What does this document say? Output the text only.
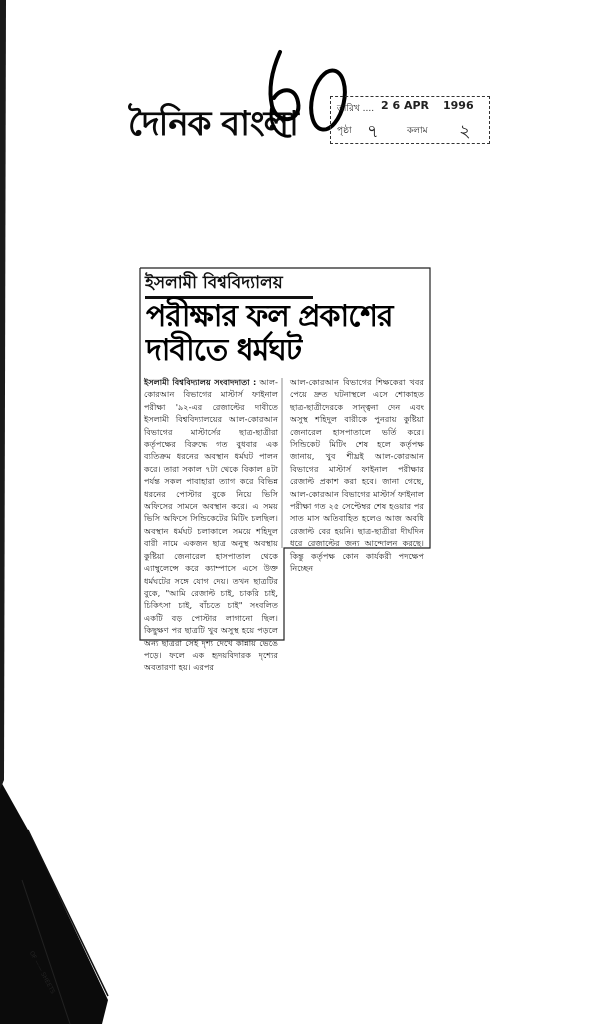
দৈনিক বাংলা	তারিখ .... 2 6 APR 1996
পৃষ্ঠা ৭	কলাম ২
ইসলামী বিশ্ববিদ্যালয়
পরীক্ষার ফল প্রকাশের
দাবীতে ধর্মঘট
ইসলামী বিশ্ববিদ্যালয় সংবাদদাতা : আল-কোরআন বিভাগের মাস্টার্স ফাইনাল পরীক্ষা '৯২-এর রেজাল্টের দাবীতে ইসলামী বিশ্ববিদ্যালয়ের আল-কোরআন বিভাগের মাস্টার্সের ছাত্র-ছাত্রীরা কর্তৃপক্ষের বিরুদ্ধে গত বুধবার এক ব্যতিক্রম ধরনের অবস্থান ধর্মঘট পালন করে। তারা সকাল ৭টা থেকে বিকাল ৪টা পর্যন্ত সকল পাবাহারা ত্যাগ করে বিভিন্ন ধরনের পোস্টার বুকে নিয়ে ভিসি অফিসের সামনে অবস্থান করে। এ সময় ভিসি অফিসে সিন্ডিকেটের মিটিং চলছিল। অবস্থান ধর্মঘট চলাকালে সময়ে শহিদুল বারী নামে একজন ছাত্র অনুস্থ অবস্থায় কুষ্টিয়া জেনারেল হাসপাতাল থেকে এ্যাম্বুলেন্সে করে ক্যাম্পাসে এসে উক্ত ধর্মঘটের সঙ্গে যোগ দেয়। তখন ছাত্রটির বুকে, "আমি রেজাল্ট চাই, চাকরি চাই, চিকিৎসা চাই, বাঁচতে চাই" সংবলিত একটি বড় পোস্টার লাগানো ছিল। কিছুক্ষণ পর ছাত্রটি খুব অসুস্থ হয়ে পড়লে অন্য ছাত্ররা সেই দৃশ্য দেখে কান্নায় ভেঙে পড়ে। ফলে এক হৃদয়বিদারক দৃশ্যের অবতারণা হয়। এরপর
আল-কোরআন বিভাগের শিক্ষকেরা খবর পেয়ে দ্রুত ঘটনাস্থলে এসে শোকাহত ছাত্র-ছাত্রীদেরকে সান্ত্বনা দেন এবং অসুস্থ শহিদুল বারীকে পুনরায় কুষ্টিয়া জেনারেল হাসপাতালে ভর্তি করে। সিন্ডিকেট মিটিং শেষ হলে কর্তৃপক্ষ জানায়, খুব শীঘ্রই আল-কোরআন বিভাগের মাস্টার্স ফাইনাল পরীক্ষার রেজাল্ট প্রকাশ করা হবে। জানা গেছে, আল-কোরআন বিভাগের মাস্টার্স ফাইনাল পরীক্ষা গত ২৫ সেপ্টেম্বর শেষ হওয়ার পর সাত মাস অতিবাহিত হলেও আজ অবধি রেজাল্ট বের হয়নি। ছাত্র-ছাত্রীরা দীর্ঘদিন ধরে রেজাল্টের জন্য আন্দোলন করছে। কিন্তু কর্তৃপক্ষ কোন কার্যকরী পদক্ষেপ নিচ্ছেন
OF —— SHEETS
